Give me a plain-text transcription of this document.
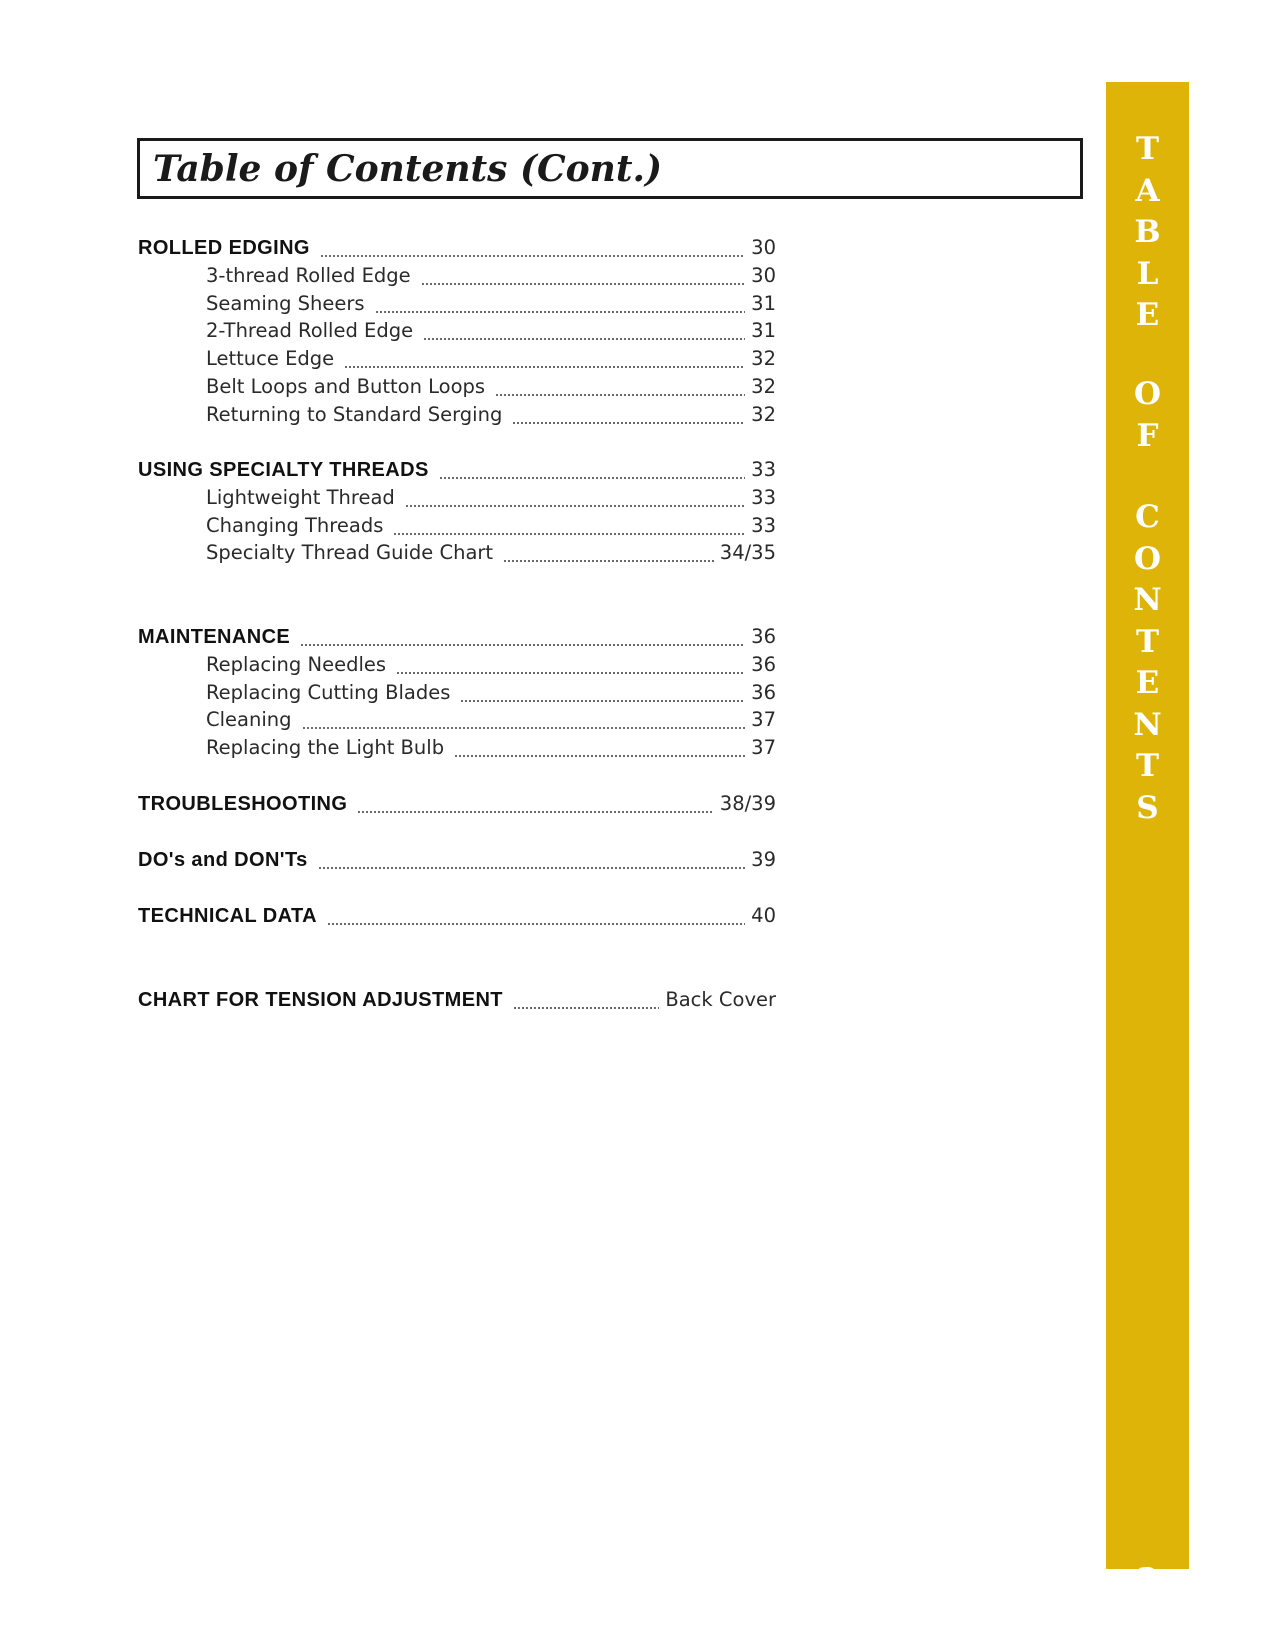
Table of Contents (Cont.)	T
A
B
L
E
O
F
C
O
N
T
E
N
T
S
3
ROLLED EDGING	30
3-thread Rolled Edge	30
Seaming Sheers	31
2-Thread Rolled Edge	31
Lettuce Edge	32
Belt Loops and Button Loops	32
Returning to Standard Serging	32
USING SPECIALTY THREADS	33
Lightweight Thread	33
Changing Threads	33
Specialty Thread Guide Chart	34/35
MAINTENANCE	36
Replacing Needles	36
Replacing Cutting Blades	36
Cleaning	37
Replacing the Light Bulb	37
TROUBLESHOOTING	38/39
DO's and DON'Ts	39
TECHNICAL DATA	40
CHART FOR TENSION ADJUSTMENT	Back Cover
